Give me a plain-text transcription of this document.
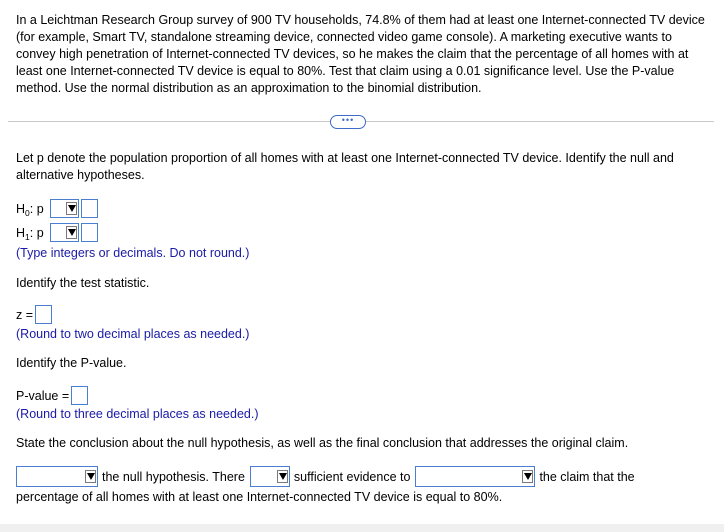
In a Leichtman Research Group survey of 900 TV households, 74.8% of them had at least one Internet-connected TV device (for example, Smart TV, standalone streaming device, connected video game console). A marketing executive wants to convey high penetration of Internet-connected TV devices, so he makes the claim that the percentage of all homes with at least one Internet-connected TV device is equal to 80%. Test that claim using a 0.01 significance level. Use the P-value method. Use the normal distribution as an approximation to the binomial distribution.
•••
Let p denote the population proportion of all homes with at least one Internet-connected TV device. Identify the null and alternative hypotheses.
$H_0$: p
$H_1$: p
(Type integers or decimals. Do not round.)
Identify the test statistic.
z =
(Round to two decimal places as needed.)
Identify the P-value.
P-value =
(Round to three decimal places as needed.)
State the conclusion about the null hypothesis, as well as the final conclusion that addresses the original claim.
the null hypothesis. There	sufficient evidence to	the claim that the
percentage of all homes with at least one Internet-connected TV device is equal to 80%.
